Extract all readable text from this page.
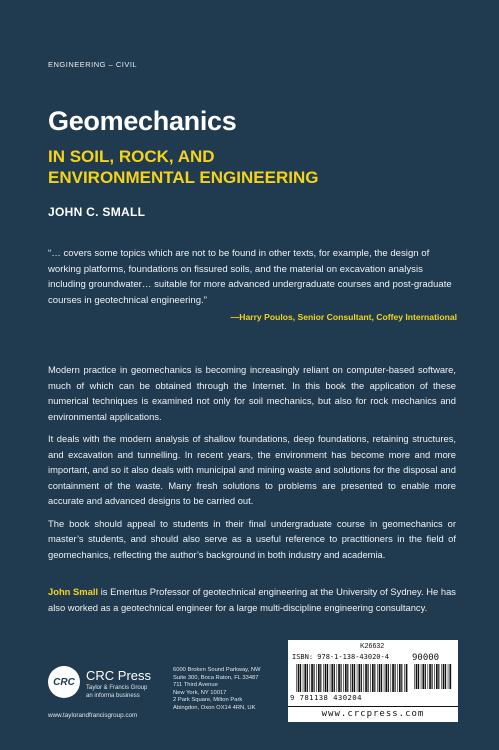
ENGINEERING – CIVIL
Geomechanics
IN SOIL, ROCK, AND
ENVIRONMENTAL ENGINEERING
JOHN C. SMALL
“… covers some topics which are not to be found in other texts, for example, the design of working platforms, foundations on fissured soils, and the material on excavation analysis including groundwater… suitable for more advanced undergraduate courses and post-graduate courses in geotechnical engineering.”
—Harry Poulos, Senior Consultant, Coffey International

Modern practice in geomechanics is becoming increasingly reliant on computer-based software, much of which can be obtained through the Internet. In this book the application of these numerical techniques is examined not only for soil mechanics, but also for rock mechanics and environmental applications.

It deals with the modern analysis of shallow foundations, deep foundations, retaining structures, and excavation and tunnelling. In recent years, the environment has become more and more important, and so it also deals with municipal and mining waste and solutions for the disposal and containment of the waste. Many fresh solutions to problems are presented to enable more accurate and advanced designs to be carried out.

The book should appeal to students in their final undergraduate course in geomechanics or master’s students, and should also serve as a useful reference to practitioners in the field of geomechanics, reflecting the author’s background in both industry and academia.

John Small is Emeritus Professor of geotechnical engineering at the University of Sydney. He has also worked as a geotechnical engineer for a large multi-discipline engineering consultancy.
CRC CRC Press
Taylor & Francis Group
an informa business
www.taylorandfrancisgroup.com
6000 Broken Sound Parkway, NW
Suite 300, Boca Raton, FL 33487
711 Third Avenue
New York, NY 10017
2 Park Square, Milton Park
Abingdon, Oxon OX14 4RN, UK
K26632
ISBN: 978-1-138-43020-4	90000
9 781138 430204
www.crcpress.com
